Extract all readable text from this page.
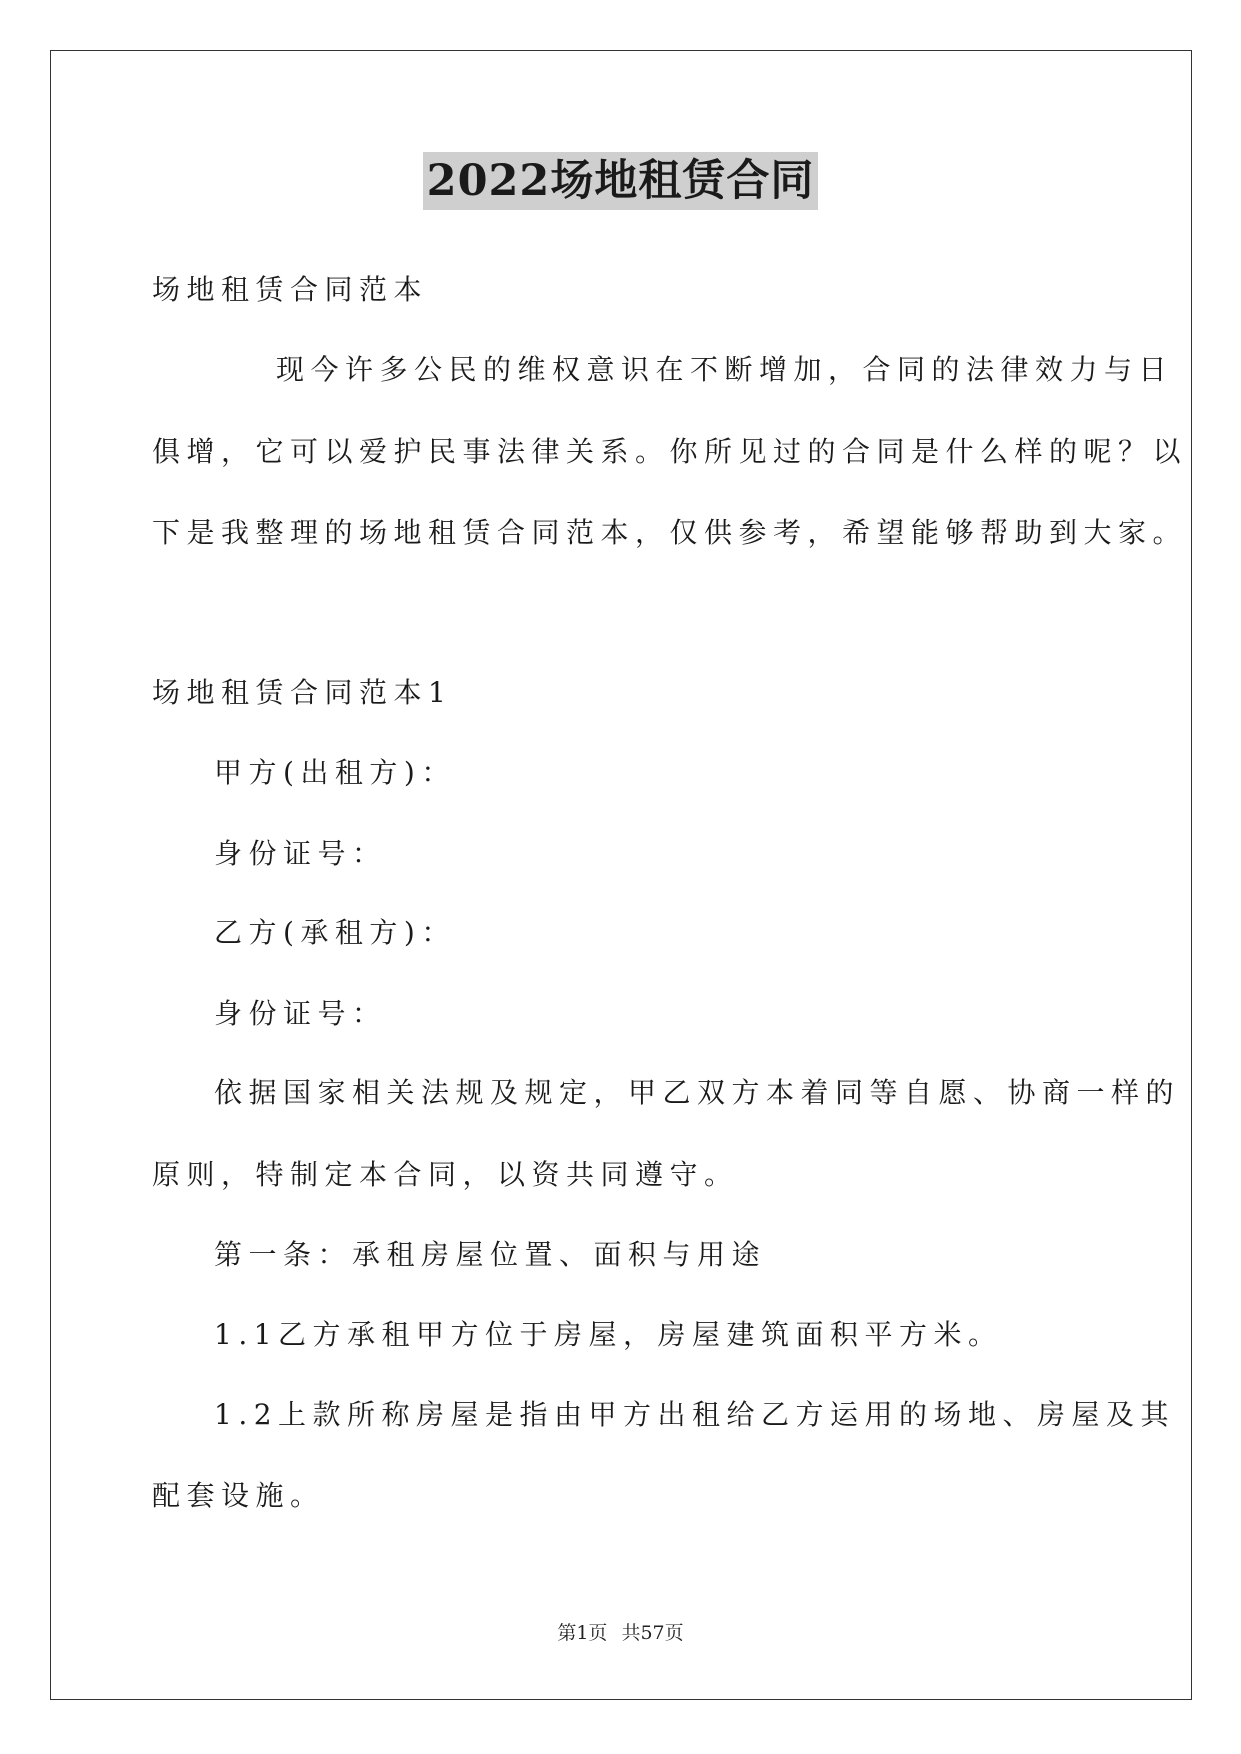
2022场地租赁合同
场地租赁合同范本
现今许多公民的维权意识在不断增加，合同的法律效力与日
俱增，它可以爱护民事法律关系。你所见过的合同是什么样的呢？以
下是我整理的场地租赁合同范本，仅供参考，希望能够帮助到大家。
场地租赁合同范本1
甲方(出租方)：
身份证号：
乙方(承租方)：
身份证号：
依据国家相关法规及规定，甲乙双方本着同等自愿、协商一样的
原则，特制定本合同，以资共同遵守。
第一条：承租房屋位置、面积与用途
1.1乙方承租甲方位于房屋，房屋建筑面积平方米。
1.2上款所称房屋是指由甲方出租给乙方运用的场地、房屋及其
配套设施。
第1页 共57页
